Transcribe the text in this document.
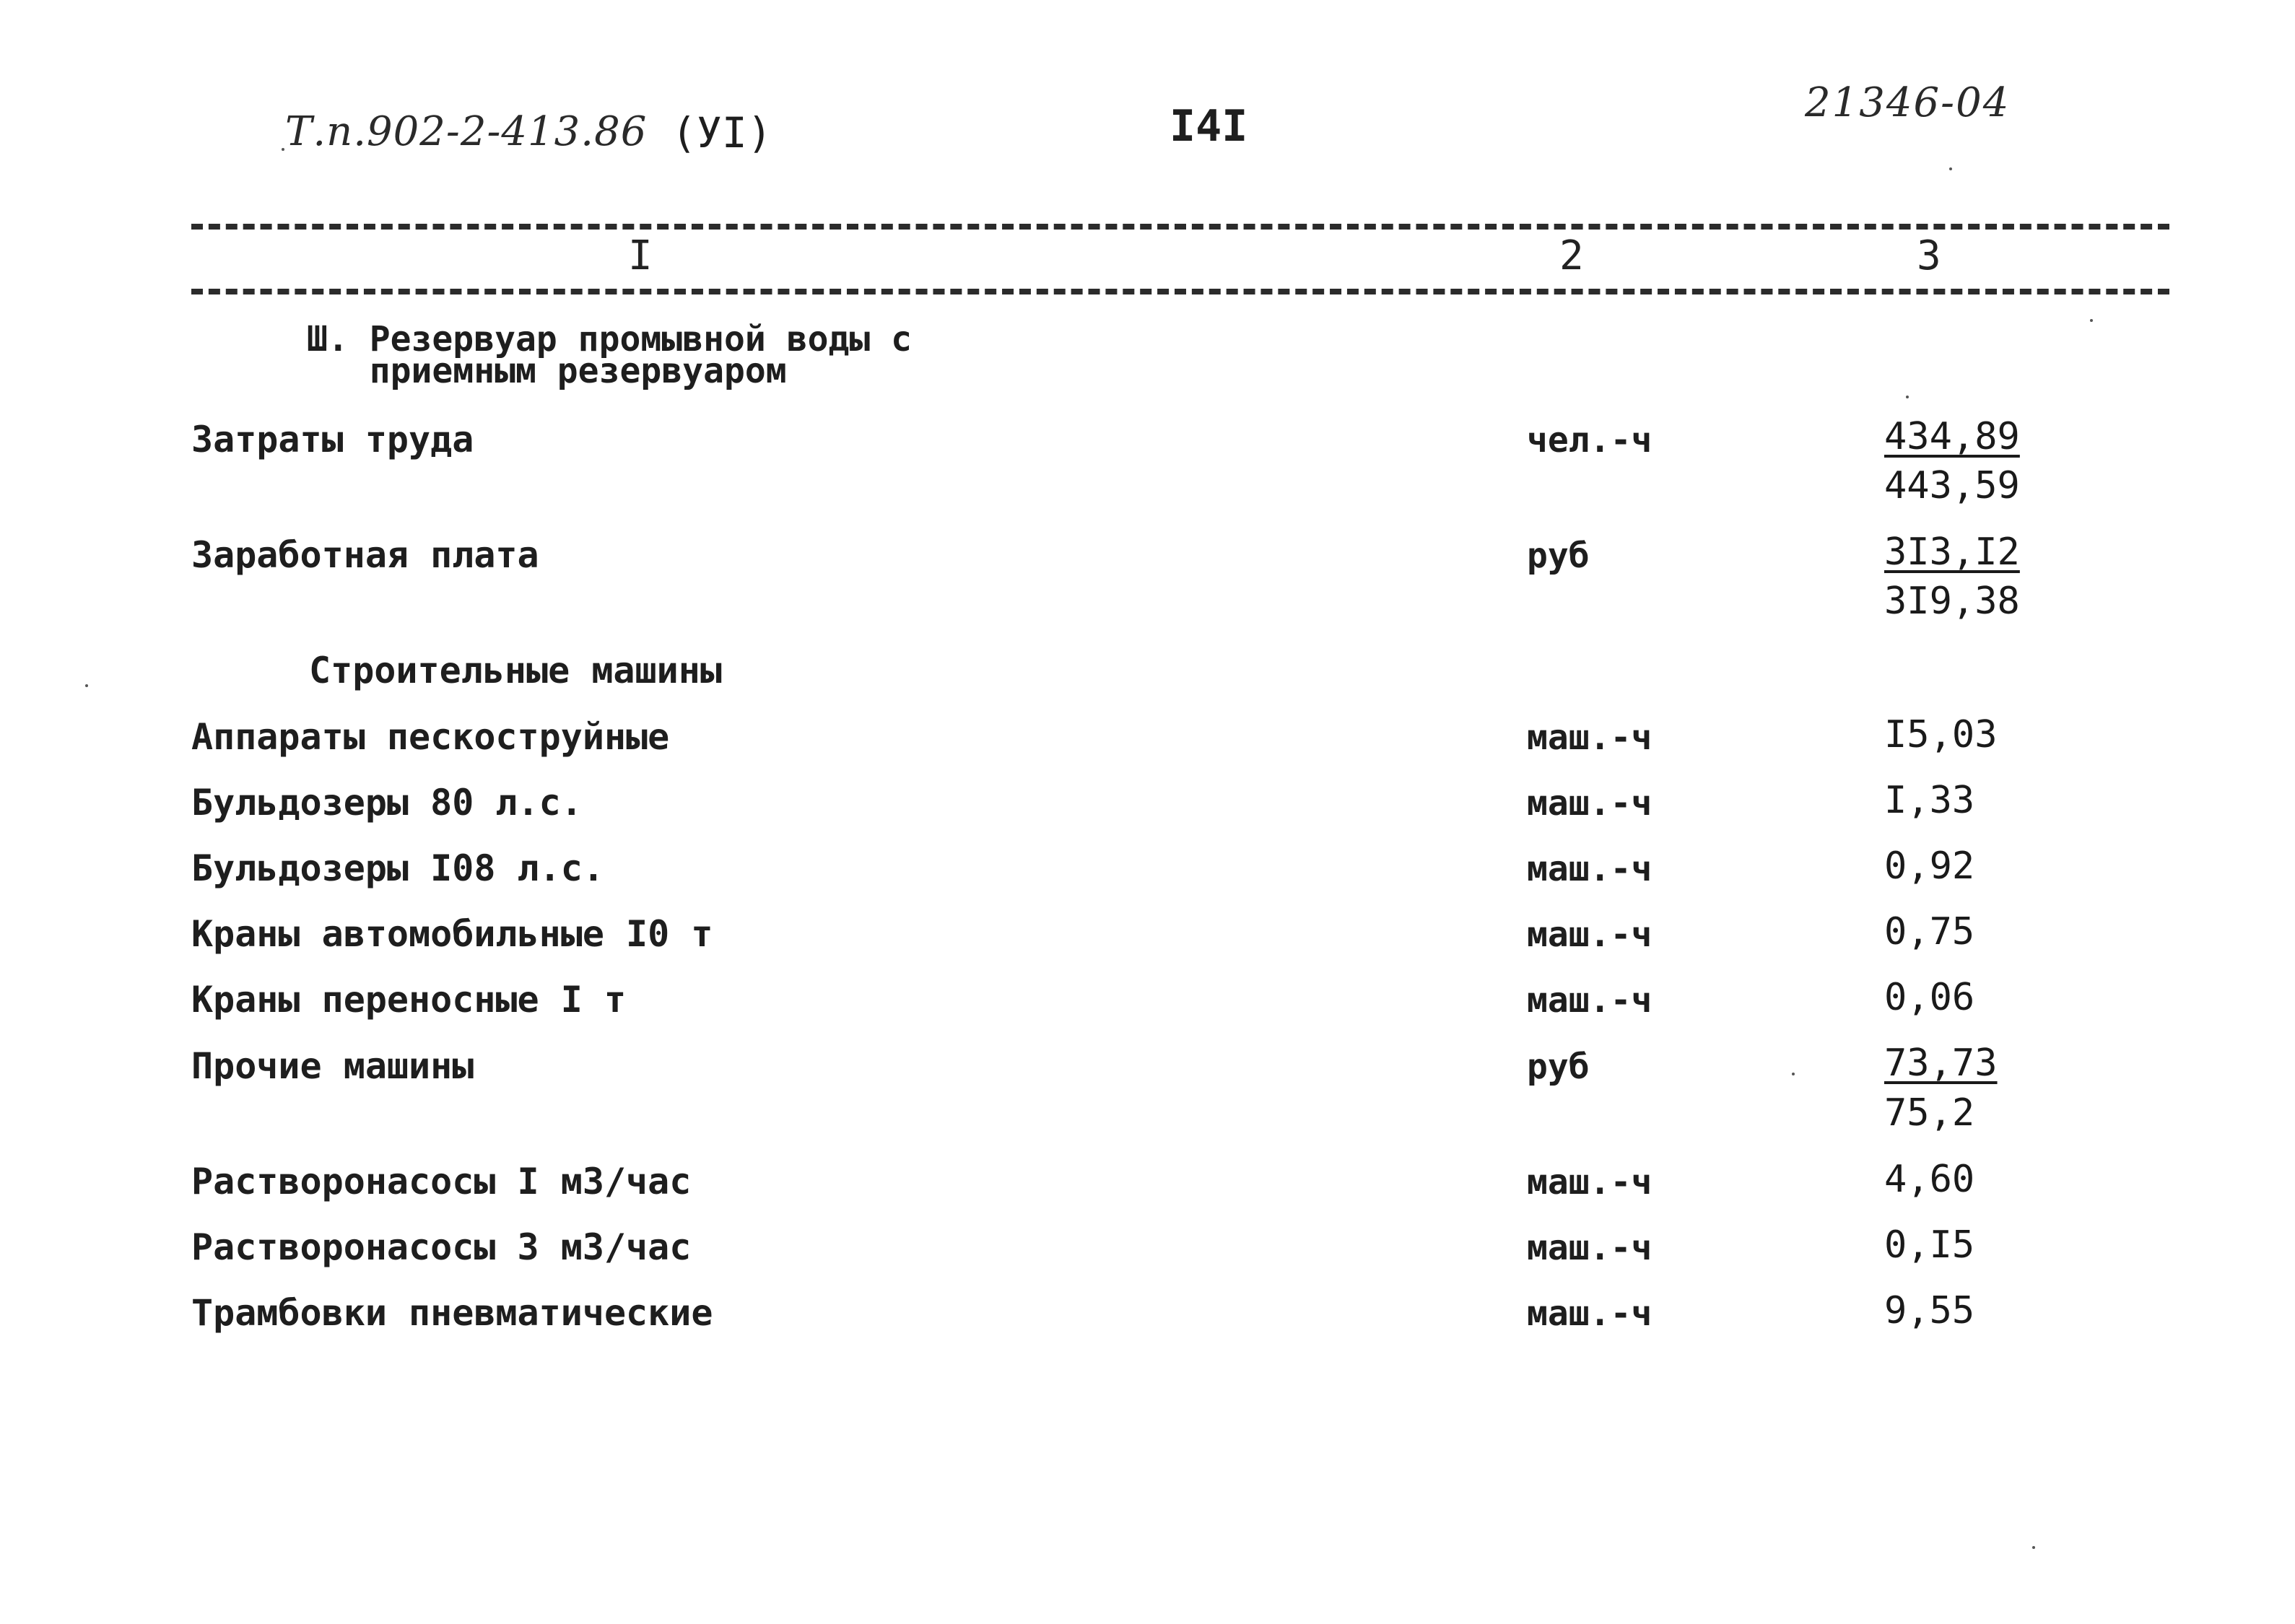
Т.п.902-2-413.86 (УI)	I4I	21346-04
I	2	3
Ш. Резервуар промывной воды с
приемным резервуаром
Затраты труда	чел.-ч	434,89
443,59
Заработная плата	руб	3I3,I2
3I9,38
Строительные машины
Аппараты пескоструйные	маш.-ч	I5,03
Бульдозеры 80 л.с.	маш.-ч	I,33
Бульдозеры I08 л.с.	маш.-ч	0,92
Краны автомобильные I0 т	маш.-ч	0,75
Краны переносные I т	маш.-ч	0,06
Прочие машины	руб	73,73
75,2
Растворонасосы I м3/час	маш.-ч	4,60
Растворонасосы 3 м3/час	маш.-ч	0,I5
Трамбовки пневматические	маш.-ч	9,55
